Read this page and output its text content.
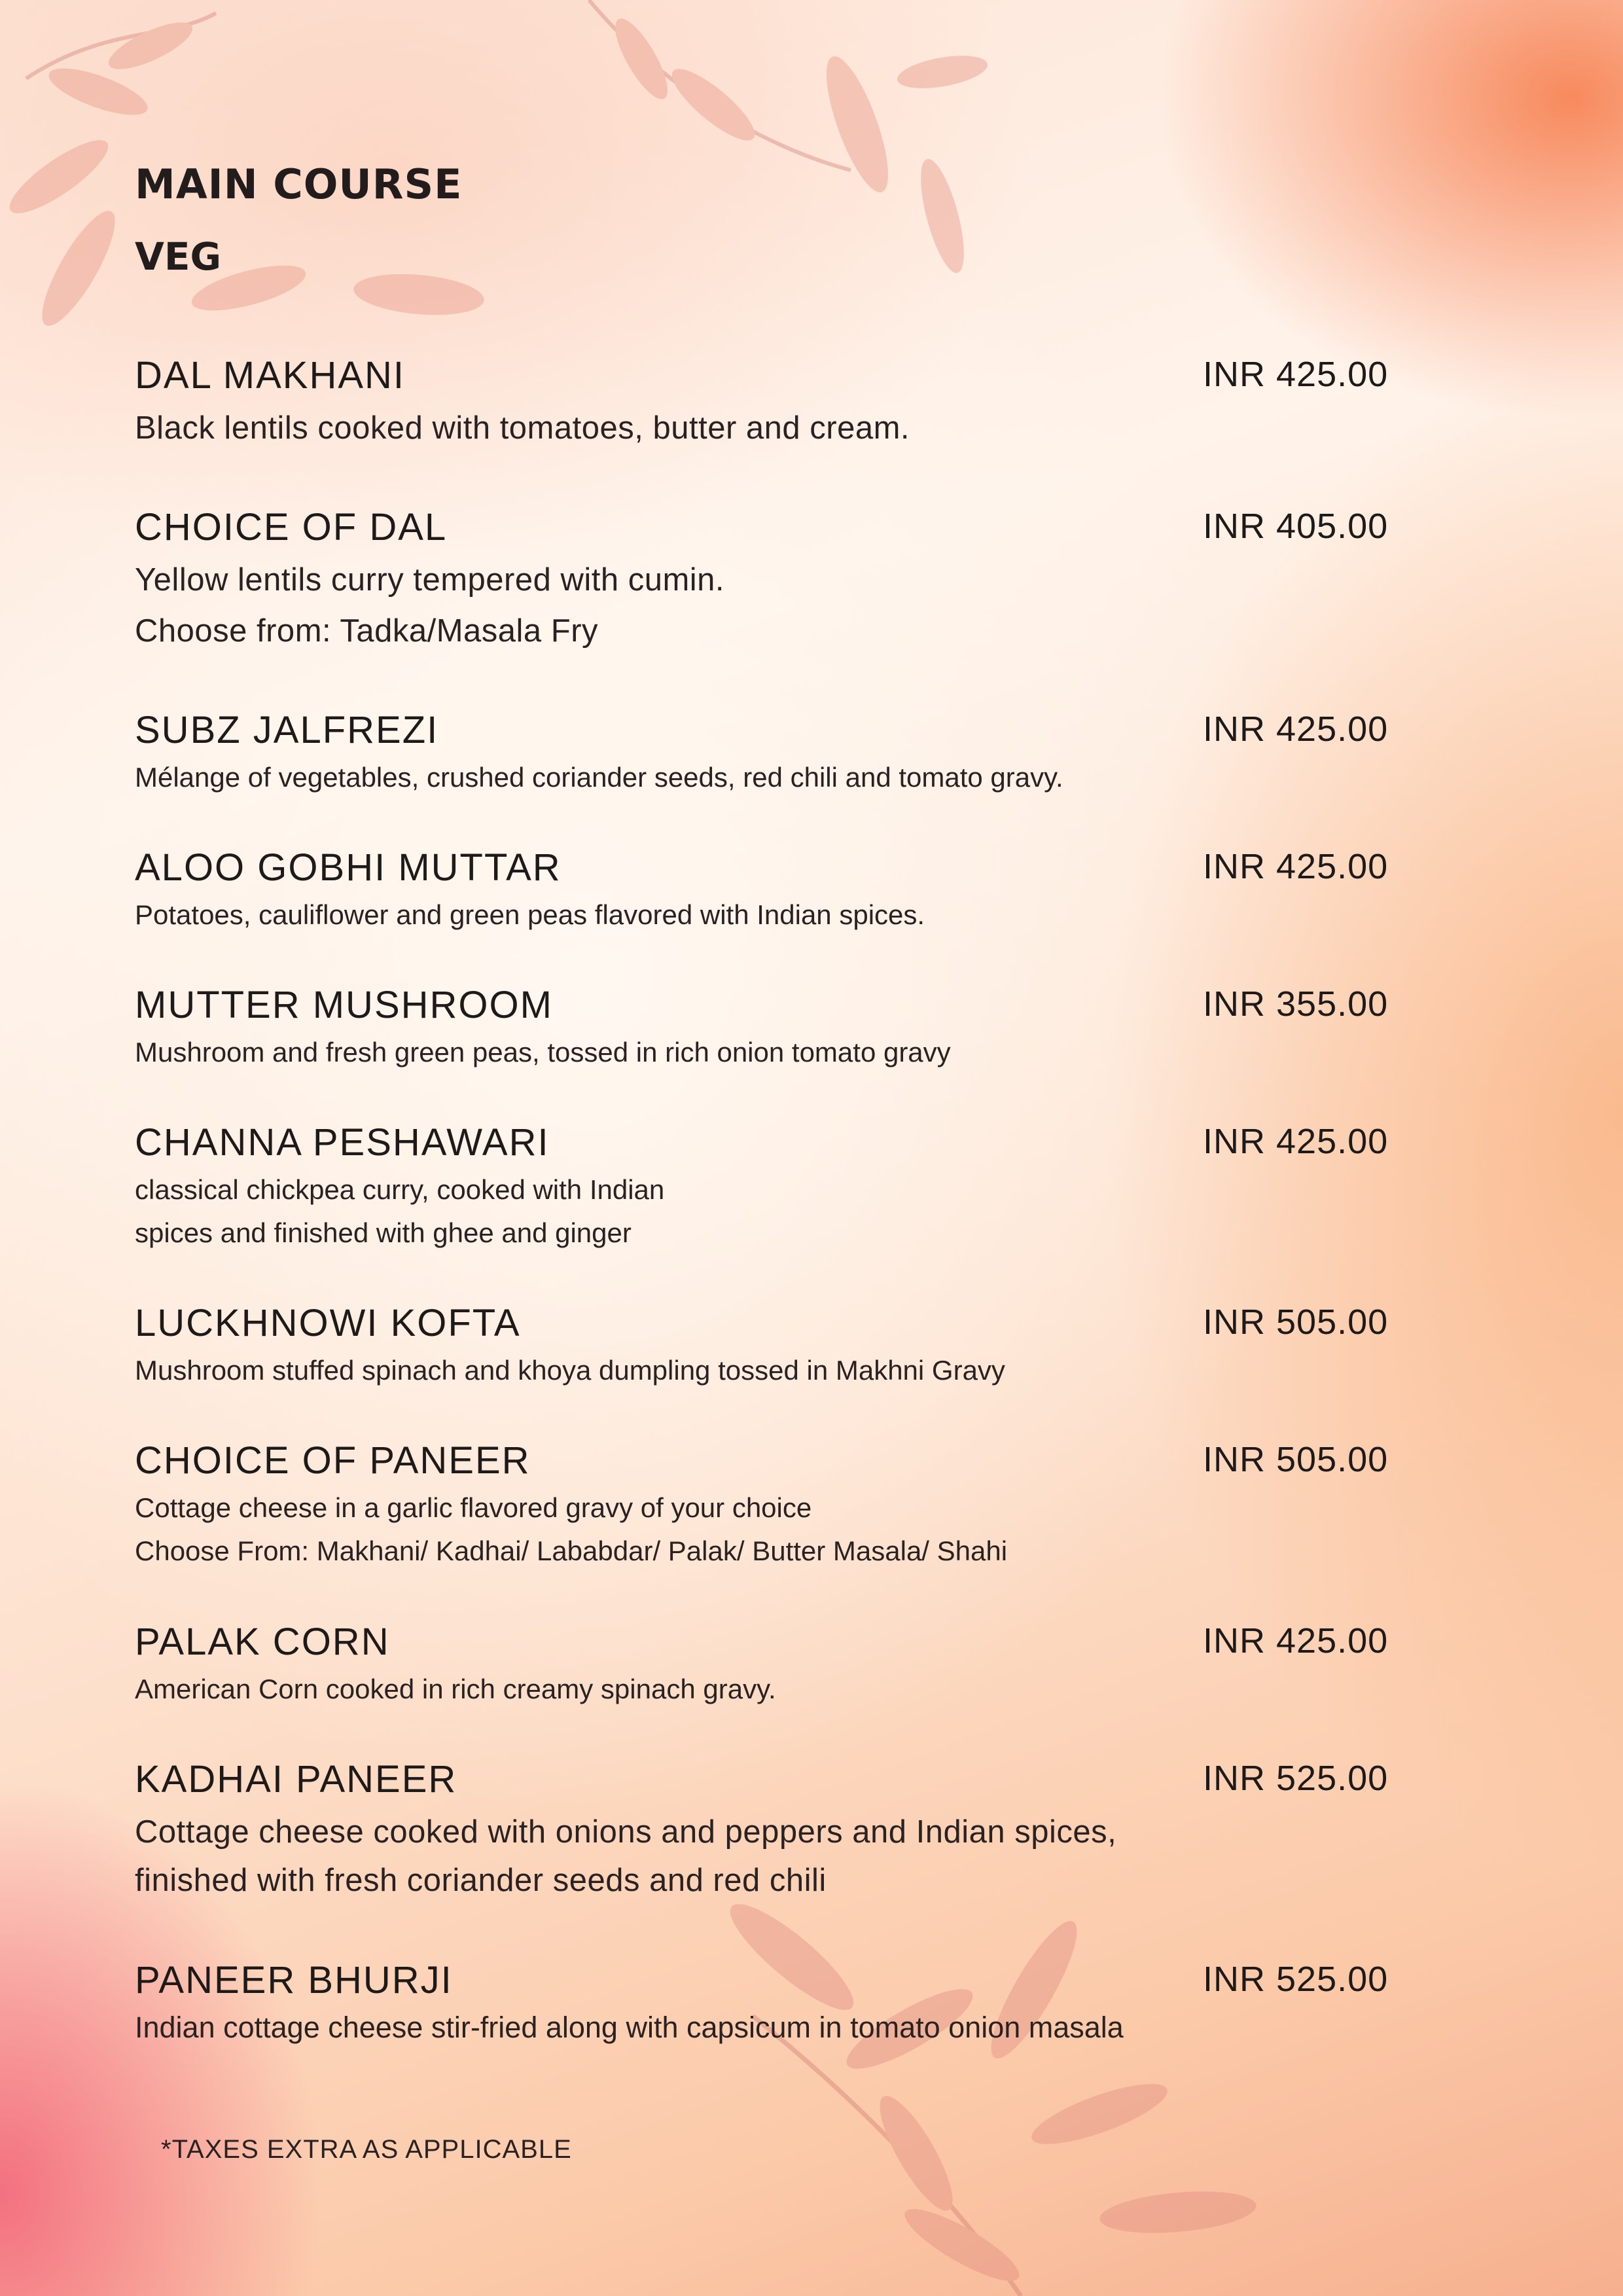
MAIN COURSE
VEG
DAL MAKHANI	INR 425.00
Black lentils cooked with tomatoes, butter and cream.
CHOICE OF DAL	INR 405.00
Yellow lentils curry tempered with cumin.
Choose from: Tadka/Masala Fry
SUBZ JALFREZI	INR 425.00
Mélange of vegetables, crushed coriander seeds, red chili and tomato gravy.
ALOO GOBHI MUTTAR	INR 425.00
Potatoes, cauliflower and green peas flavored with Indian spices.
MUTTER MUSHROOM	INR 355.00
Mushroom and fresh green peas, tossed in rich onion tomato gravy
CHANNA PESHAWARI	INR 425.00
classical chickpea curry, cooked with Indian
spices and finished with ghee and ginger
LUCKHNOWI KOFTA	INR 505.00
Mushroom stuffed spinach and khoya dumpling tossed in Makhni Gravy
CHOICE OF PANEER	INR 505.00
Cottage cheese in a garlic flavored gravy of your choice
Choose From: Makhani/ Kadhai/ Lababdar/ Palak/ Butter Masala/ Shahi
PALAK CORN	INR 425.00
American Corn cooked in rich creamy spinach gravy.
KADHAI PANEER	INR 525.00
Cottage cheese cooked with onions and peppers and Indian spices,
finished with fresh coriander seeds and red chili
PANEER BHURJI	INR 525.00
Indian cottage cheese stir-fried along with capsicum in tomato onion masala
*TAXES EXTRA AS APPLICABLE
